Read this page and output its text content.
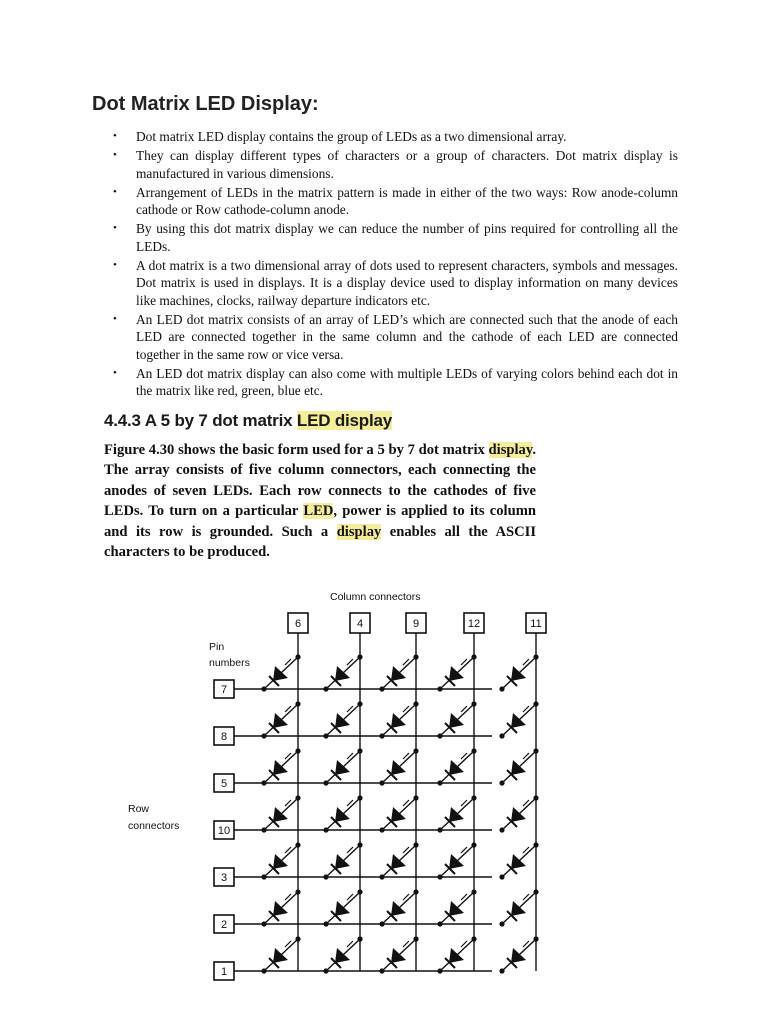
Dot Matrix LED Display:
• Dot matrix LED display contains the group of LEDs as a two dimensional array.
• They can display different types of characters or a group of characters. Dot matrix display is manufactured in various dimensions.
• Arrangement of LEDs in the matrix pattern is made in either of the two ways: Row anode-column cathode or Row cathode-column anode.
• By using this dot matrix display we can reduce the number of pins required for controlling all the LEDs.
• A dot matrix is a two dimensional array of dots used to represent characters, symbols and messages. Dot matrix is used in displays. It is a display device used to display information on many devices like machines, clocks, railway departure indicators etc.
• An LED dot matrix consists of an array of LED’s which are connected such that the anode of each LED are connected together in the same column and the cathode of each LED are connected together in the same row or vice versa.
• An LED dot matrix display can also come with multiple LEDs of varying colors behind each dot in the matrix like red, green, blue etc.
4.4.3 A 5 by 7 dot matrix LED display

Figure 4.30 shows the basic form used for a 5 by 7 dot matrix display. The array consists of five column connectors, each connecting the anodes of seven LEDs. Each row connects to the cathodes of five LEDs. To turn on a particular LED, power is applied to its column and its row is grounded. Such a display enables all the ASCII characters to be produced.

Column connectors
Pin
numbers
Row
connectors
6	4	9	12	11
7
8
5
10
3
2
1
